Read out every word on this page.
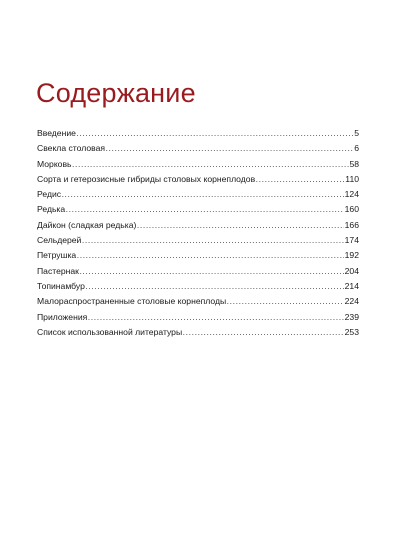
Содержание
Введение .....	5
Свекла столовая .....	6
Морковь .....	58
Сорта и гетерозисные гибриды столовых корнеплодов .....	110
Редис .....	124
Редька .....	160
Дайкон (сладкая редька) .....	166
Сельдерей .....	174
Петрушка .....	192
Пастернак .....	204
Топинамбур .....	214
Малораспространенные столовые корнеплоды .....	224
Приложения .....	239
Список использованной литературы .....	253
